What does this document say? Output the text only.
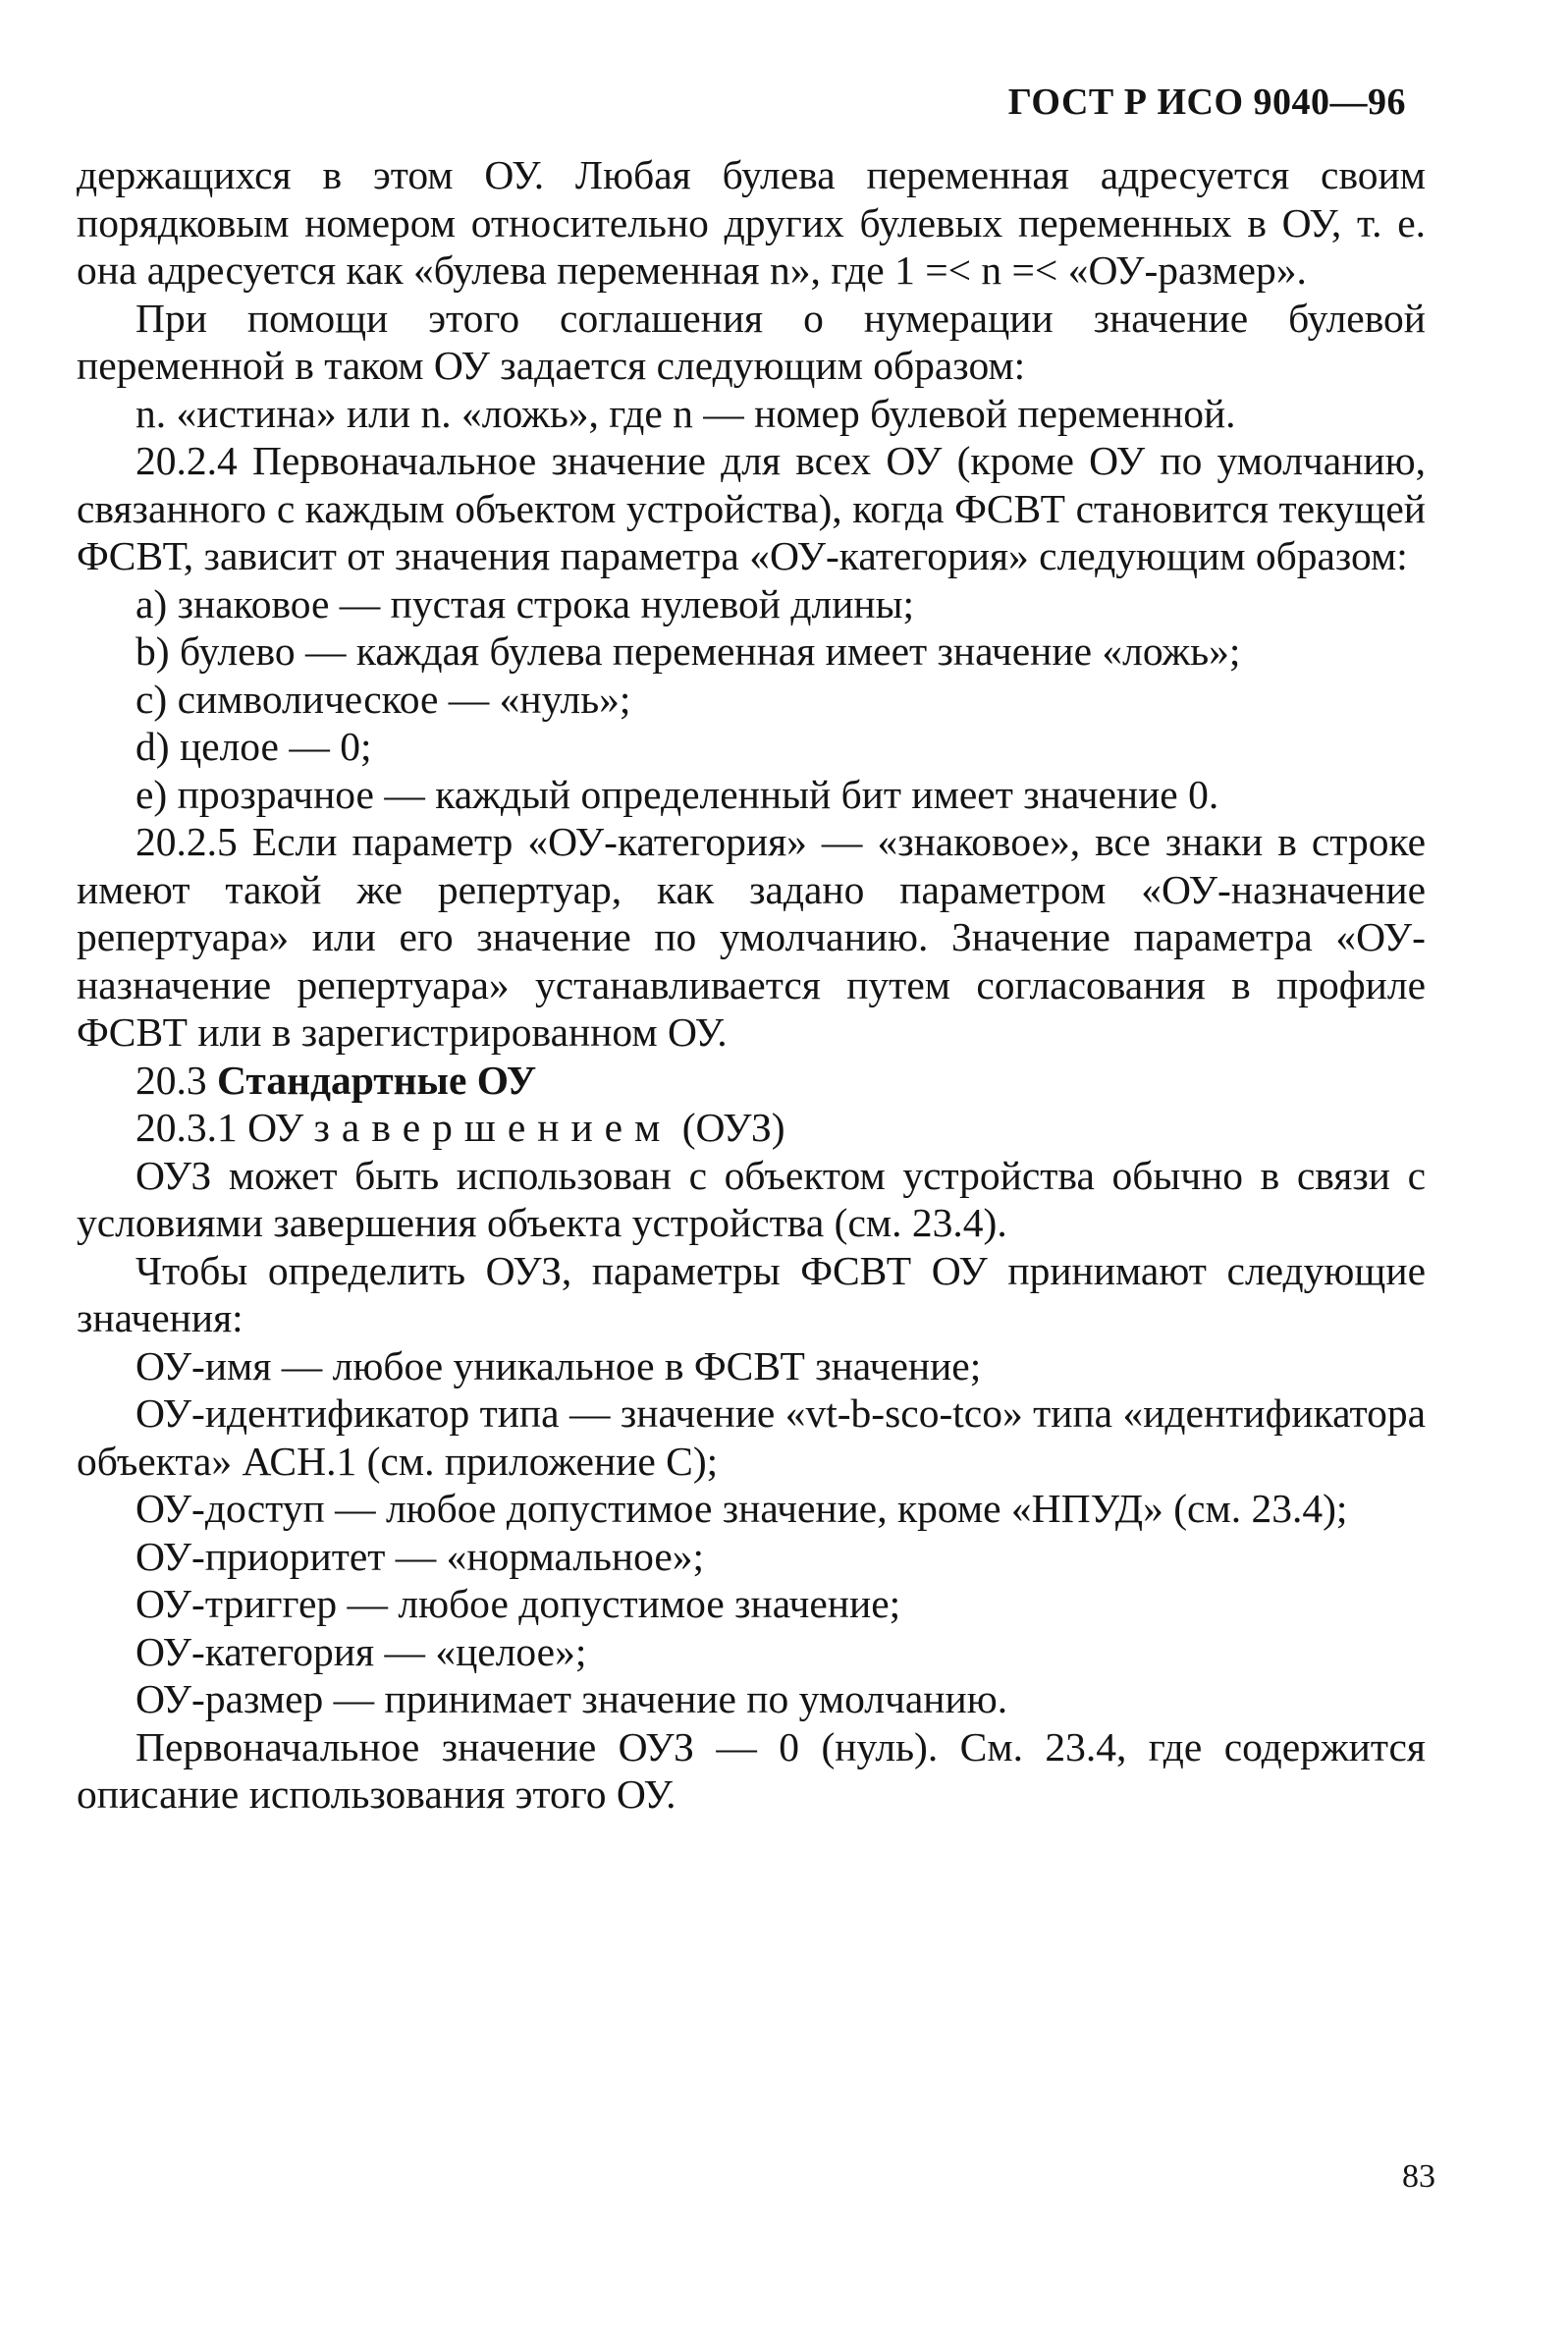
ГОСТ Р ИСО 9040—96

держащихся в этом ОУ. Любая булева переменная адресуется своим порядковым номером относительно других булевых переменных в ОУ, т. е. она адресуется как «булева переменная n», где 1 =< n =< «ОУ-размер».

При помощи этого соглашения о нумерации значение булевой переменной в таком ОУ задается следующим образом:

n. «истина» или n. «ложь», где n — номер булевой переменной.

20.2.4 Первоначальное значение для всех ОУ (кроме ОУ по умолчанию, связанного с каждым объектом устройства), когда ФСВТ становится текущей ФСВТ, зависит от значения параметра «ОУ-категория» следующим образом:

a) знаковое — пустая строка нулевой длины;

b) булево — каждая булева переменная имеет значение «ложь»;

c) символическое — «нуль»;

d) целое — 0;

e) прозрачное — каждый определенный бит имеет значение 0.

20.2.5 Если параметр «ОУ-категория» — «знаковое», все знаки в строке имеют такой же репертуар, как задано параметром «ОУ-назначение репертуара» или его значение по умолчанию. Значение параметра «ОУ-назначение репертуара» устанавливается путем согласования в профиле ФСВТ или в зарегистрированном ОУ.

20.3 Стандартные ОУ

20.3.1 ОУ завершением (ОУЗ)

ОУЗ может быть использован с объектом устройства обычно в связи с условиями завершения объекта устройства (см. 23.4).

Чтобы определить ОУЗ, параметры ФСВТ ОУ принимают следующие значения:

ОУ-имя — любое уникальное в ФСВТ значение;

ОУ-идентификатор типа — значение «vt-b-sco-tco» типа «идентификатора объекта» АСН.1 (см. приложение С);

ОУ-доступ — любое допустимое значение, кроме «НПУД» (см. 23.4);

ОУ-приоритет — «нормальное»;

ОУ-триггер — любое допустимое значение;

ОУ-категория — «целое»;

ОУ-размер — принимает значение по умолчанию.

Первоначальное значение ОУЗ — 0 (нуль). См. 23.4, где содержится описание использования этого ОУ.

83
